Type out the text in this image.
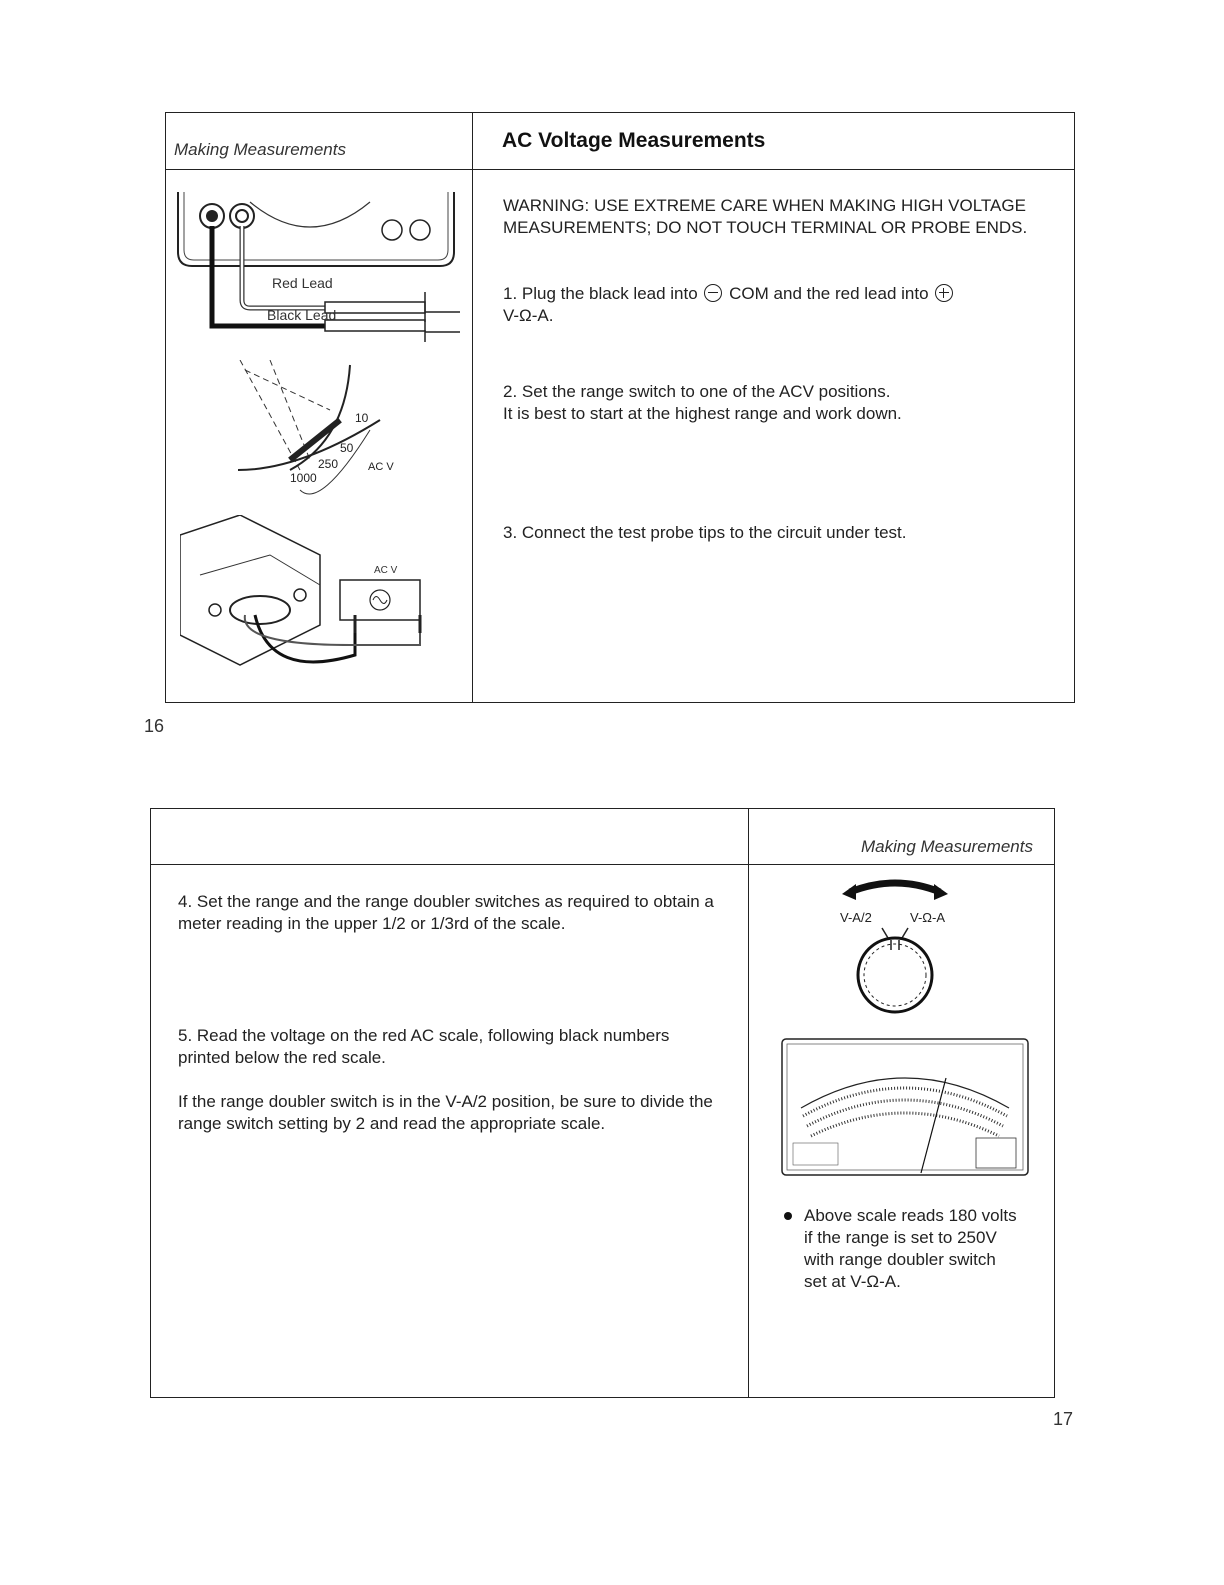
Making Measurements	AC Voltage Measurements
WARNING: USE EXTREME CARE WHEN MAKING HIGH VOLTAGE MEASUREMENTS; DO NOT TOUCH TERMINAL OR PROBE ENDS.
1. Plug the black lead into COM and the red lead into

V-Ω-A.
2. Set the range switch to one of the ACV positions.
It is best to start at the highest range and work down.
3. Connect the test probe tips to the circuit under test.
Red Lead
Black Lead
10
50
250
1000
AC V
AC V
16
Making Measurements
4. Set the range and the range doubler switches as required to obtain a meter reading in the upper 1/2 or 1/3rd of the scale.
5. Read the voltage on the red AC scale, following black numbers printed below the red scale.
If the range doubler switch is in the V-A/2 position, be sure to divide the range switch setting by 2 and read the appropriate scale.
V-A/2	V-Ω-A
Above scale reads 180 volts if the range is set to 250V with range doubler switch set at V-Ω-A.
17
